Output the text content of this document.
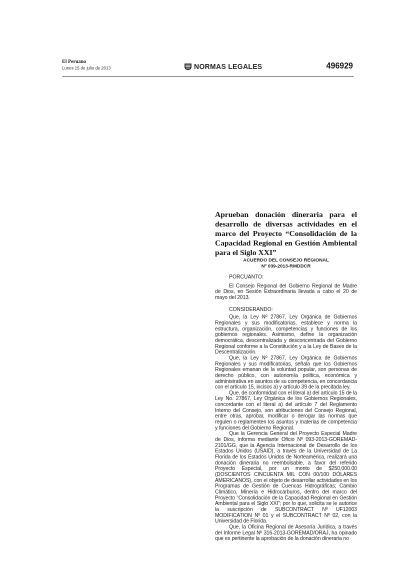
El Peruano
Lunes 15 de julio de 2013	NORMAS LEGALES	496929
Aprueban donación dineraria para el desarrollo de diversas actividades en el marco del Proyecto “Consolidación de la Capacidad Regional en Gestión Ambiental para el Siglo XXI”
ACUERDO DEL CONSEJO REGIONAL
Nº 039-2013-RMDDCR

PORCUANTO:

El Consejo Regional del Gobierno Regional de Madre de Dios, en Sesión Extraordinaria llevada a cabo el 20 de mayo del 2013.

CONSIDERANDO:

Que, la Ley Nº 27867, Ley Orgánica de Gobiernos Regionales y sus modificatorias, establece y norma la estructura, organización, competencias y funciones de los gobiernos regionales. Asimismo, define la organización democrática, descentralizada y desconcentrada del Gobierno Regional conforme a la Constitución y a la Ley de Bases de la Descentralización.

Que, la Ley Nº 27867, Ley Orgánica de Gobiernos Regionales y sus modificatorias, señala que los Gobiernos Regionales emanan de la voluntad popular, son personas de derecho público, con autonomía política, económica y administrativa en asuntos de su competencia, en concordancia con el artículo 15, incisos a) y artículo 39 de la precitada ley.

Que, de conformidad con el literal a) del artículo 15 de la Ley No. 27867, Ley Orgánica de los Gobiernos Regionales, concordante con el literal a) del artículo 7 del Reglamento Interno del Consejo, son atribuciones del Consejo Regional, entre otras, aprobar, modificar o derogar las normas que regulen o reglamenten los asuntos y materias de competencia y funciones del Gobierno Regional.

Que la Gerencia General del Proyecto Especial Madre de Dios, informa mediante Oficio Nº 093-2013-GOREMAD-2101/GG, que la Agencia Internacional de Desarrollo de los Estados Unidos (USAID), a través de la Universidad de La Florida de los Estados Unidos de Norteamérica, realizará una donación dineraria no reembolsable, a favor del referido Proyecto Especial, por un monto de $250,000.00 (DOSCIENTOS CINCUENTA MIL CON 00/100 DÓLARES AMERICANOS), con el objeto de desarrollar actividades en los Programas de Gestión de Cuencas Hidrográficas; Cambio Climático, Minería e Hidrocarburos, dentro del marco del Proyecto “Consolidación de la Capacidad Regional en Gestión Ambiental para el Siglo XXI”; por lo que, solicita se le autorice la suscripción de SUBCONTRACT Nº UF12003 MODIFICATION Nº 01 y el SUBCONTRACT Nº 02, con la Universidad de Florida.

Que, la Oficina Regional de Asesoría Jurídica, a través del Informe Legal Nº 316-2013-GOREMAD/ORAJ, ha opinado que es pertinente la aprobación de la donación dineraria no
